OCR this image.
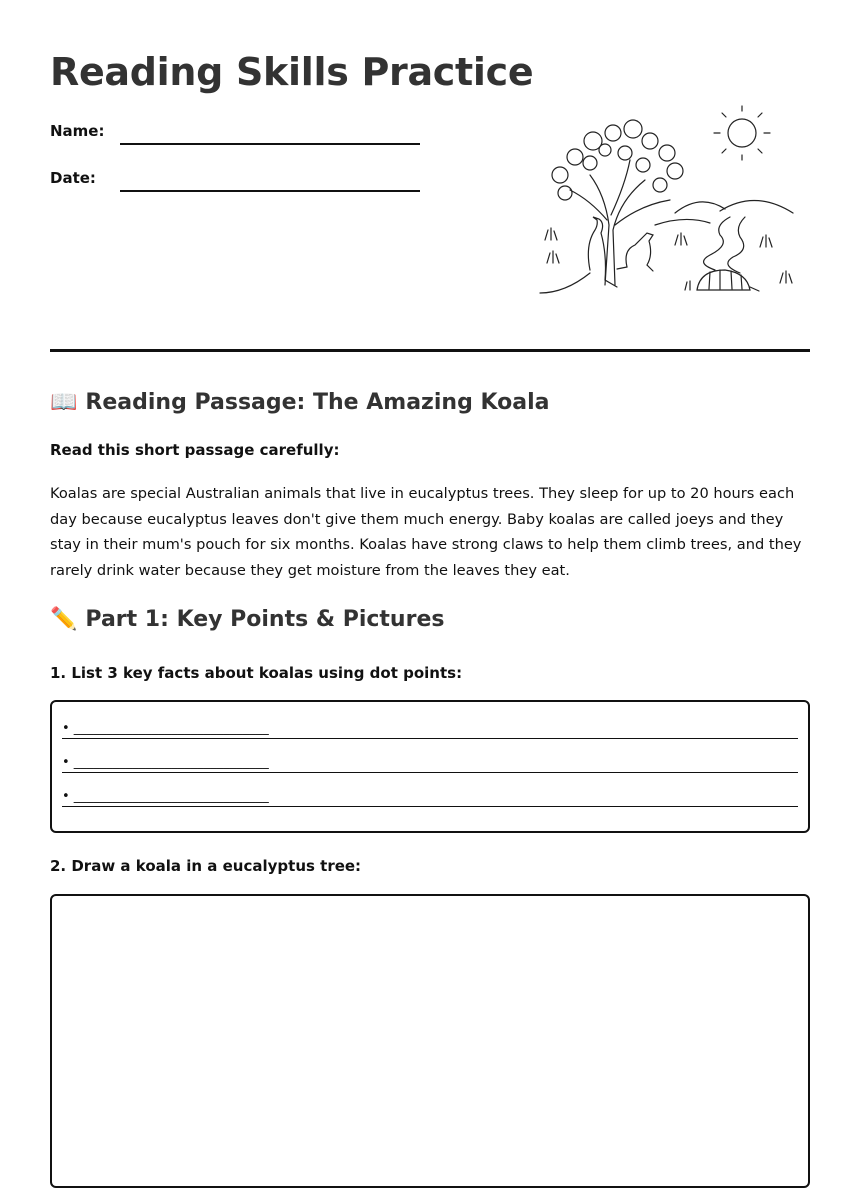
Reading Skills Practice
Name:
Date:
📖 Reading Passage: The Amazing Koala

Read this short passage carefully:

Koalas are special Australian animals that live in eucalyptus trees. They sleep for up to 20 hours each day because eucalyptus leaves don't give them much energy. Baby koalas are called joeys and they stay in their mum's pouch for six months. Koalas have strong claws to help them climb trees, and they rarely drink water because they get moisture from the leaves they eat.

✏️ Part 1: Key Points & Pictures

1. List 3 key facts about koalas using dot points:

• ______________________________
• ______________________________
• ______________________________

2. Draw a koala in a eucalyptus tree:
